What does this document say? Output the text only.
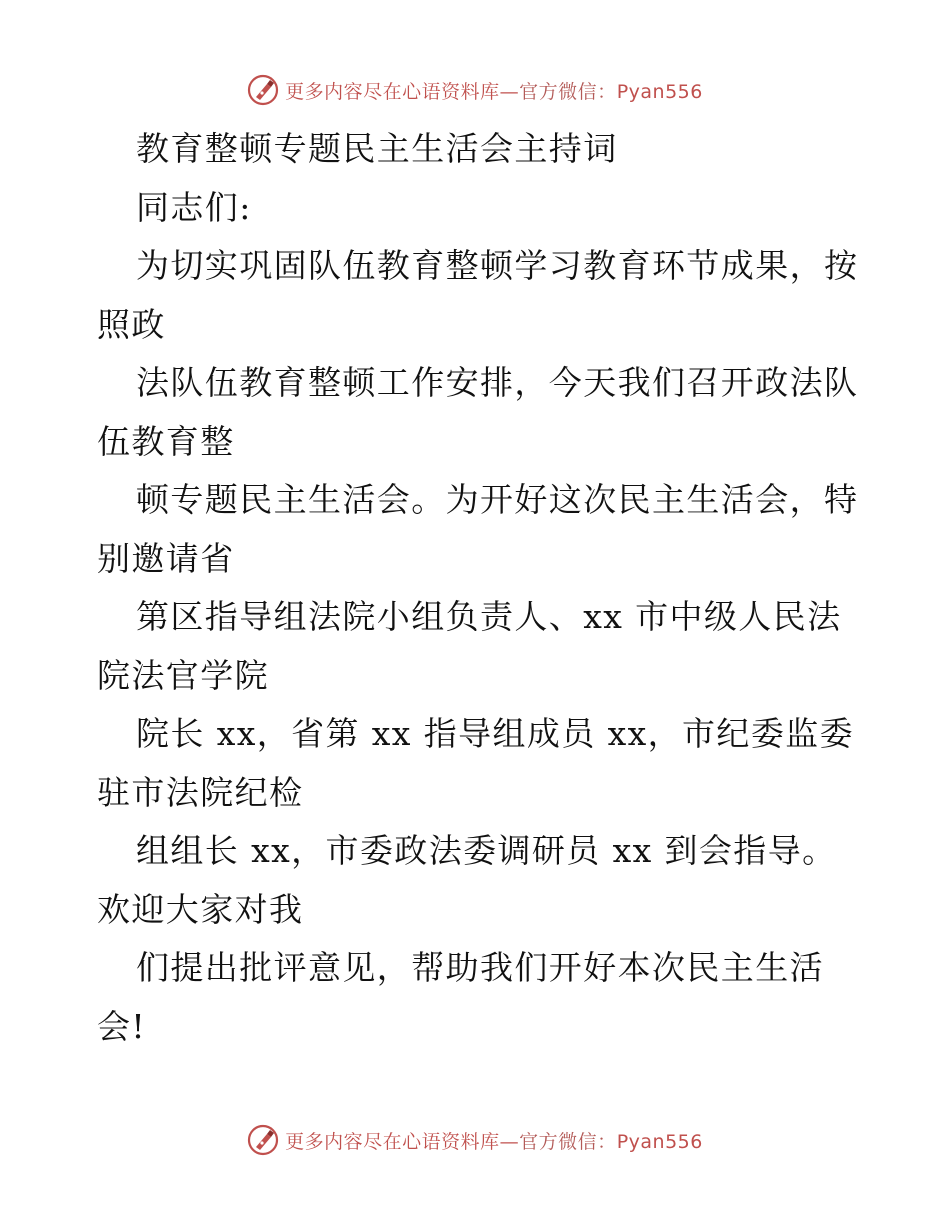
更多内容尽在心语资料库—官方微信：Pyan556
教育整顿专题民主生活会主持词
同志们:
为切实巩固队伍教育整顿学习教育环节成果，按
照政
法队伍教育整顿工作安排，今天我们召开政法队
伍教育整
顿专题民主生活会。为开好这次民主生活会，特
别邀请省
第区指导组法院小组负责人、xx 市中级人民法
院法官学院
院长 xx，省第 xx 指导组成员 xx，市纪委监委
驻市法院纪检
组组长 xx，市委政法委调研员 xx 到会指导。
欢迎大家对我
们提出批评意见，帮助我们开好本次民主生活
会!
更多内容尽在心语资料库—官方微信：Pyan556
